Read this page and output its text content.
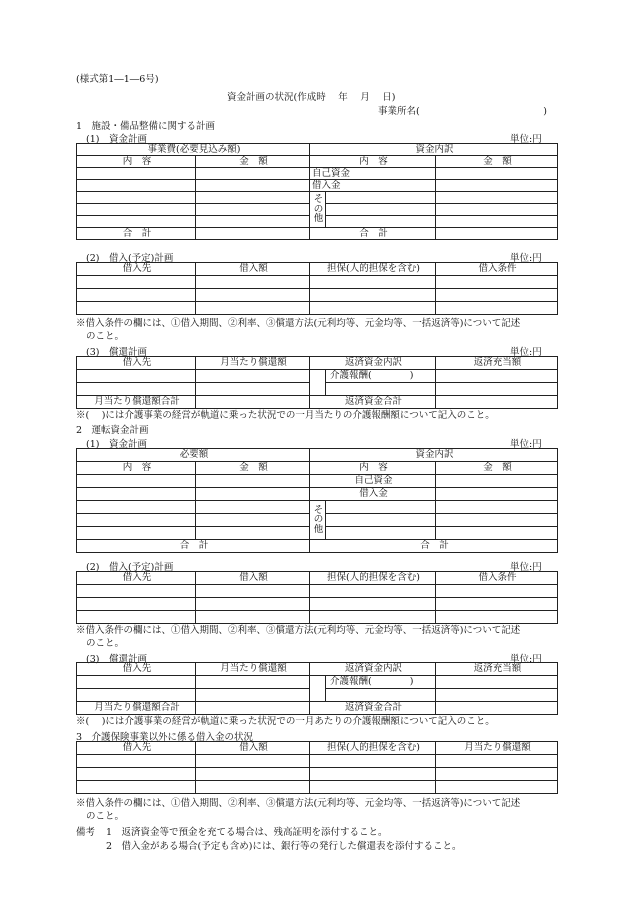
(様式第1―1―6号)
資金計画の状況(作成時　 年　 月　 日)
事業所名(　　　　　　　　　　　　　)
1　施設・備品整備に関する計画
(1)　資金計画	単位:円
事業費(必要見込み額)		資金内訳		
内　容	金　額	内　容		金　額
		自己資金		
		借入金		
		そ
の
他		

合　計		合　計		
(2)　借入(予定)計画	単位:円
借入先	借入額	担保(人的担保を含む)	借入条件

※借入条件の欄には、①借入期間、②利率、③償還方法(元利均等、元金均等、一括返済等)について記述
のこと。
(3)　償還計画	単位:円
借入先	月当たり償還額	返済資金内訳		返済充当額
			介護報酬(　　　　)	

月当たり償還額合計		返済資金合計		
※(　 )には介護事業の経営が軌道に乗った状況での一月当たりの介護報酬額について記入のこと。
2　運転資金計画
(1)　資金計画	単位:円
必要額		資金内訳		
内　容	金　額	内　容		金　額
		自己資金		
		借入金		
		そ
の
他		

合　計		合　計		
(2)　借入(予定)計画	単位:円
借入先	借入額	担保(人的担保を含む)	借入条件

※借入条件の欄には、①借入期間、②利率、③償還方法(元利均等、元金均等、一括返済等)について記述
のこと。
(3)　償還計画	単位:円
借入先	月当たり償還額	返済資金内訳		返済充当額
			介護報酬(　　　　)	

月当たり償還額合計		返済資金合計		
※(　 )には介護事業の経営が軌道に乗った状況での一月あたりの介護報酬額について記入のこと。
3　介護保険事業以外に係る借入金の状況
借入先	借入額	担保(人的担保を含む)	月当たり償還額

※借入条件の欄には、①借入期間、②利率、③償還方法(元利均等、元金均等、一括返済等)について記述
のこと。
備考 1　返済資金等で預金を充てる場合は、残高証明を添付すること。
2　借入金がある場合(予定も含め)には、銀行等の発行した償還表を添付すること。
